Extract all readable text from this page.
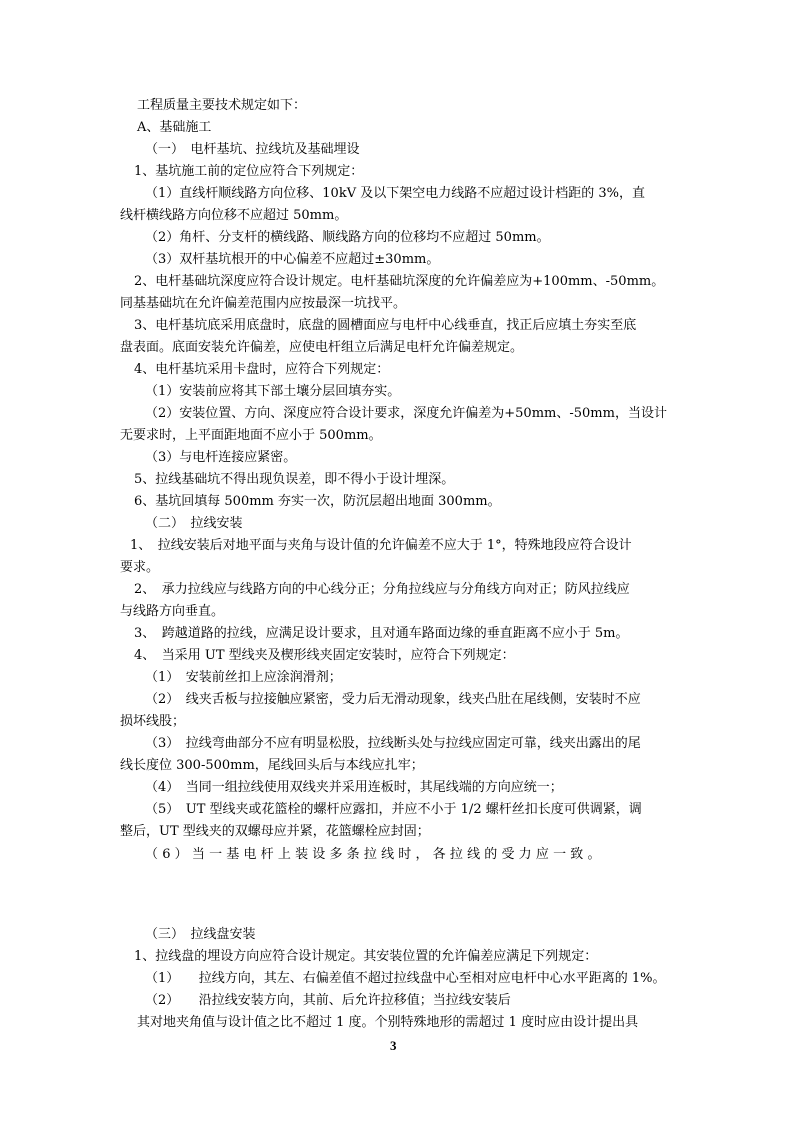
工程质量主要技术规定如下：
A、基础施工
（一）　电杆基坑、拉线坑及基础埋设
1、基坑施工前的定位应符合下列规定：
（1）直线杆顺线路方向位移、10kV 及以下架空电力线路不应超过设计档距的 3%，直
线杆横线路方向位移不应超过 50mm。
（2）角杆、分支杆的横线路、顺线路方向的位移均不应超过 50mm。
（3）双杆基坑根开的中心偏差不应超过±30mm。
2、电杆基础坑深度应符合设计规定。电杆基础坑深度的允许偏差应为+100mm、-50mm。
同基基础坑在允许偏差范围内应按最深一坑找平。
3、电杆基坑底采用底盘时，底盘的圆槽面应与电杆中心线垂直，找正后应填土夯实至底
盘表面。底面安装允许偏差，应使电杆组立后满足电杆允许偏差规定。
4、电杆基坑采用卡盘时，应符合下列规定：
（1）安装前应将其下部土壤分层回填夯实。
（2）安装位置、方向、深度应符合设计要求，深度允许偏差为+50mm、-50mm，当设计
无要求时，上平面距地面不应小于 500mm。
（3）与电杆连接应紧密。
5、拉线基础坑不得出现负误差，即不得小于设计埋深。
6、基坑回填每 500mm 夯实一次，防沉层超出地面 300mm。
（二）　拉线安装
1、　拉线安装后对地平面与夹角与设计值的允许偏差不应大于 1°，特殊地段应符合设计
要求。
2、　承力拉线应与线路方向的中心线分正；分角拉线应与分角线方向对正；防风拉线应
与线路方向垂直。
3、　跨越道路的拉线，应满足设计要求，且对通车路面边缘的垂直距离不应小于 5m。
4、　当采用 UT 型线夹及楔形线夹固定安装时，应符合下列规定：
（1）　安装前丝扣上应涂润滑剂；
（2）　线夹舌板与拉接触应紧密，受力后无滑动现象，线夹凸肚在尾线侧，安装时不应
损坏线股；
（3）　拉线弯曲部分不应有明显松股，拉线断头处与拉线应固定可靠，线夹出露出的尾
线长度位 300-500mm，尾线回头后与本线应扎牢；
（4）　当同一组拉线使用双线夹并采用连板时，其尾线端的方向应统一；
（5）　UT 型线夹或花篮栓的螺杆应露扣，并应不小于 1/2 螺杆丝扣长度可供调紧，调
整后，UT 型线夹的双螺母应并紧，花篮螺栓应封固；
（6）当一基电杆上装设多条拉线时，各拉线的受力应一致。
（三）　拉线盘安装
1、拉线盘的埋设方向应符合设计规定。其安装位置的允许偏差应满足下列规定：
（1）　　拉线方向，其左、右偏差值不超过拉线盘中心至相对应电杆中心水平距离的 1%。
（2）　　沿拉线安装方向，其前、后允许拉移值；当拉线安装后
其对地夹角值与设计值之比不超过 1 度。个别特殊地形的需超过 1 度时应由设计提出具
3
